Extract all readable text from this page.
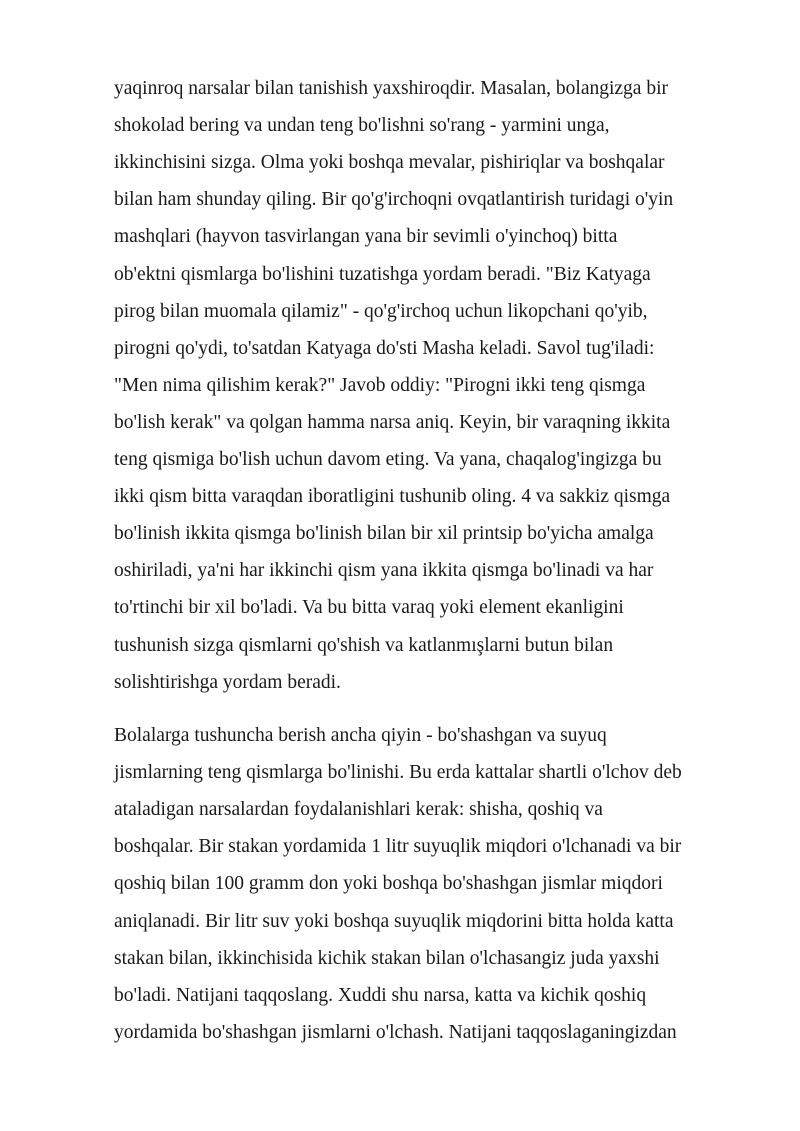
yaqinroq narsalar bilan tanishish yaxshiroqdir. Masalan, bolangizga bir
shokolad bering va undan teng bo'lishni so'rang - yarmini unga,
ikkinchisini sizga. Olma yoki boshqa mevalar, pishiriqlar va boshqalar
bilan ham shunday qiling. Bir qo'g'irchoqni ovqatlantirish turidagi o'yin
mashqlari (hayvon tasvirlangan yana bir sevimli o'yinchoq) bitta
ob'ektni qismlarga bo'lishini tuzatishga yordam beradi. "Biz Katyaga
pirog bilan muomala qilamiz" - qo'g'irchoq uchun likopchani qo'yib,
pirogni qo'ydi, to'satdan Katyaga do'sti Masha keladi. Savol tug'iladi:
"Men nima qilishim kerak?" Javob oddiy: "Pirogni ikki teng qismga
bo'lish kerak" va qolgan hamma narsa aniq. Keyin, bir varaqning ikkita
teng qismiga bo'lish uchun davom eting. Va yana, chaqalog'ingizga bu
ikki qism bitta varaqdan iboratligini tushunib oling. 4 va sakkiz qismga
bo'linish ikkita qismga bo'linish bilan bir xil printsip bo'yicha amalga
oshiriladi, ya'ni har ikkinchi qism yana ikkita qismga bo'linadi va har
to'rtinchi bir xil bo'ladi. Va bu bitta varaq yoki element ekanligini
tushunish sizga qismlarni qo'shish va katlanmışlarni butun bilan
solishtirishga yordam beradi.
Bolalarga tushuncha berish ancha qiyin - bo'shashgan va suyuq
jismlarning teng qismlarga bo'linishi. Bu erda kattalar shartli o'lchov deb
ataladigan narsalardan foydalanishlari kerak: shisha, qoshiq va
boshqalar. Bir stakan yordamida 1 litr suyuqlik miqdori o'lchanadi va bir
qoshiq bilan 100 gramm don yoki boshqa bo'shashgan jismlar miqdori
aniqlanadi. Bir litr suv yoki boshqa suyuqlik miqdorini bitta holda katta
stakan bilan, ikkinchisida kichik stakan bilan o'lchasangiz juda yaxshi
bo'ladi. Natijani taqqoslang. Xuddi shu narsa, katta va kichik qoshiq
yordamida bo'shashgan jismlarni o'lchash. Natijani taqqoslaganingizdan
